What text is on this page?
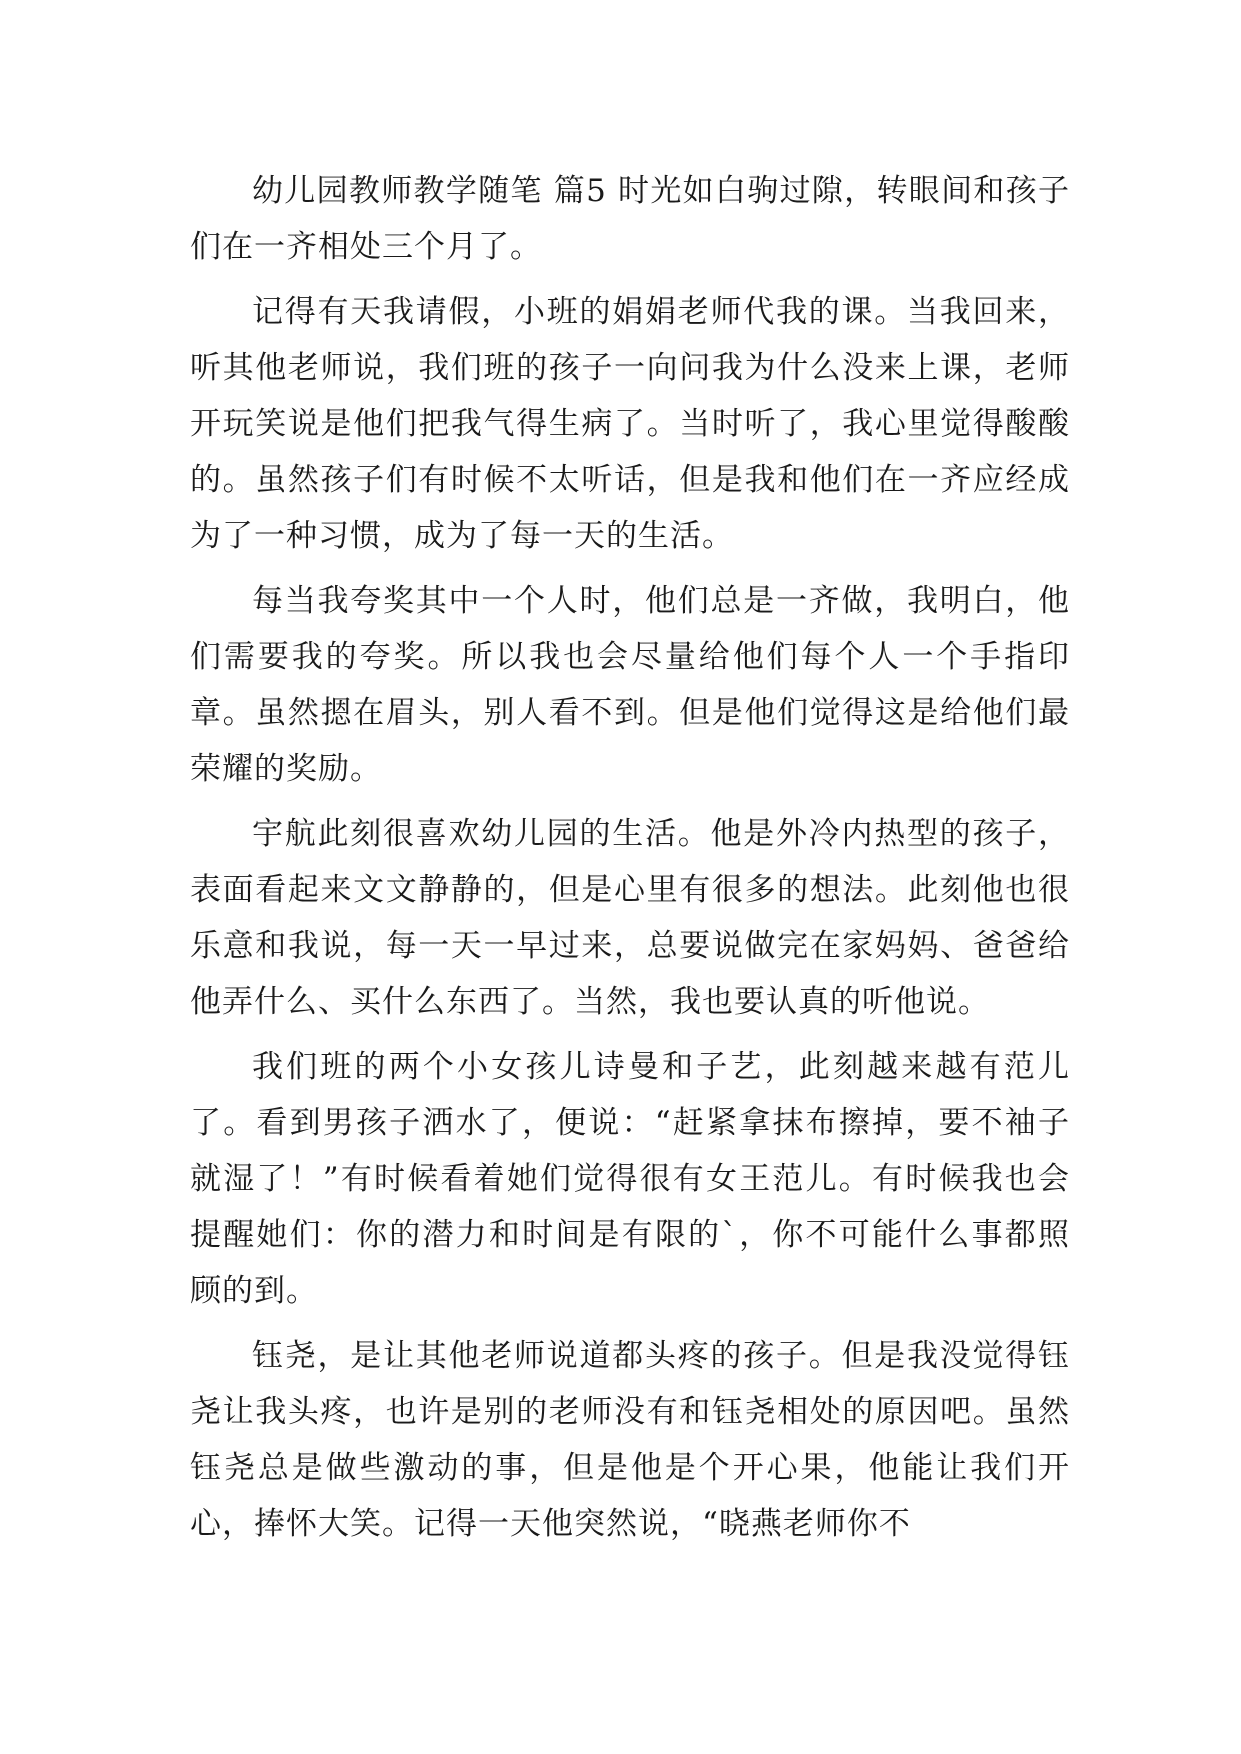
幼儿园教师教学随笔 篇5 时光如白驹过隙，转眼间和孩子们在一齐相处三个月了。

记得有天我请假，小班的娟娟老师代我的课。当我回来，听其他老师说，我们班的孩子一向问我为什么没来上课，老师开玩笑说是他们把我气得生病了。当时听了，我心里觉得酸酸的。虽然孩子们有时候不太听话，但是我和他们在一齐应经成为了一种习惯，成为了每一天的生活。

每当我夸奖其中一个人时，他们总是一齐做，我明白，他们需要我的夸奖。所以我也会尽量给他们每个人一个手指印章。虽然摁在眉头，别人看不到。但是他们觉得这是给他们最荣耀的奖励。

宇航此刻很喜欢幼儿园的生活。他是外冷内热型的孩子，表面看起来文文静静的，但是心里有很多的想法。此刻他也很乐意和我说，每一天一早过来，总要说做完在家妈妈、爸爸给他弄什么、买什么东西了。当然，我也要认真的听他说。

我们班的两个小女孩儿诗曼和子艺，此刻越来越有范儿了。看到男孩子洒水了，便说：“赶紧拿抹布擦掉，要不袖子就湿了！”有时候看着她们觉得很有女王范儿。有时候我也会提醒她们：你的潜力和时间是有限的`，你不可能什么事都照顾的到。

钰尧，是让其他老师说道都头疼的孩子。但是我没觉得钰尧让我头疼，也许是别的老师没有和钰尧相处的原因吧。虽然钰尧总是做些激动的事，但是他是个开心果，他能让我们开心，捧怀大笑。记得一天他突然说，“晓燕老师你不
